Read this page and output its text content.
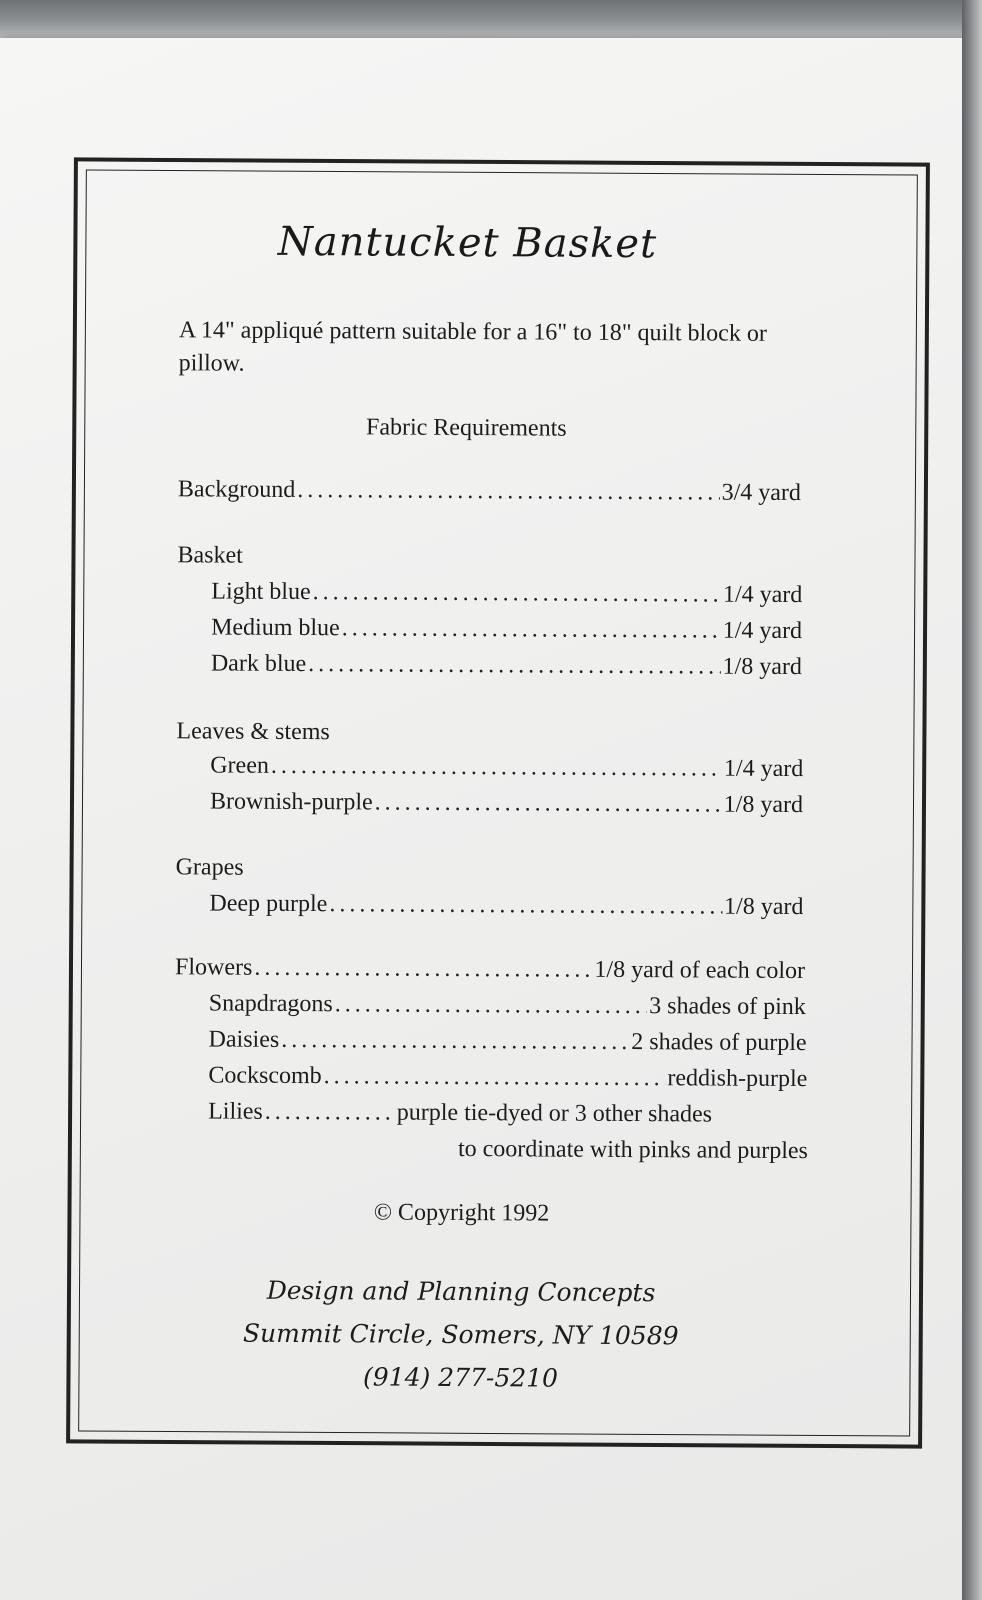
Nantucket Basket
A 14" appliqué pattern suitable for a 16" to 18" quilt block or pillow.
Fabric Requirements
Background . . .	3/4 yard
Basket
Light blue . . .	1/4 yard
Medium blue . . .	1/4 yard
Dark blue . . .	1/8 yard
Leaves & stems
Green . . .	1/4 yard
Brownish-purple . . .	1/8 yard
Grapes
Deep purple . . .	1/8 yard
Flowers . . .	1/8 yard of each color
Snapdragons . . .	3 shades of pink
Daisies . . .	2 shades of purple
Cockscomb . . .	reddish-purple
Lilies . . .	purple tie-dyed or 3 other shades
to coordinate with pinks and purples
© Copyright 1992
Design and Planning Concepts
Summit Circle, Somers, NY 10589
(914) 277-5210
